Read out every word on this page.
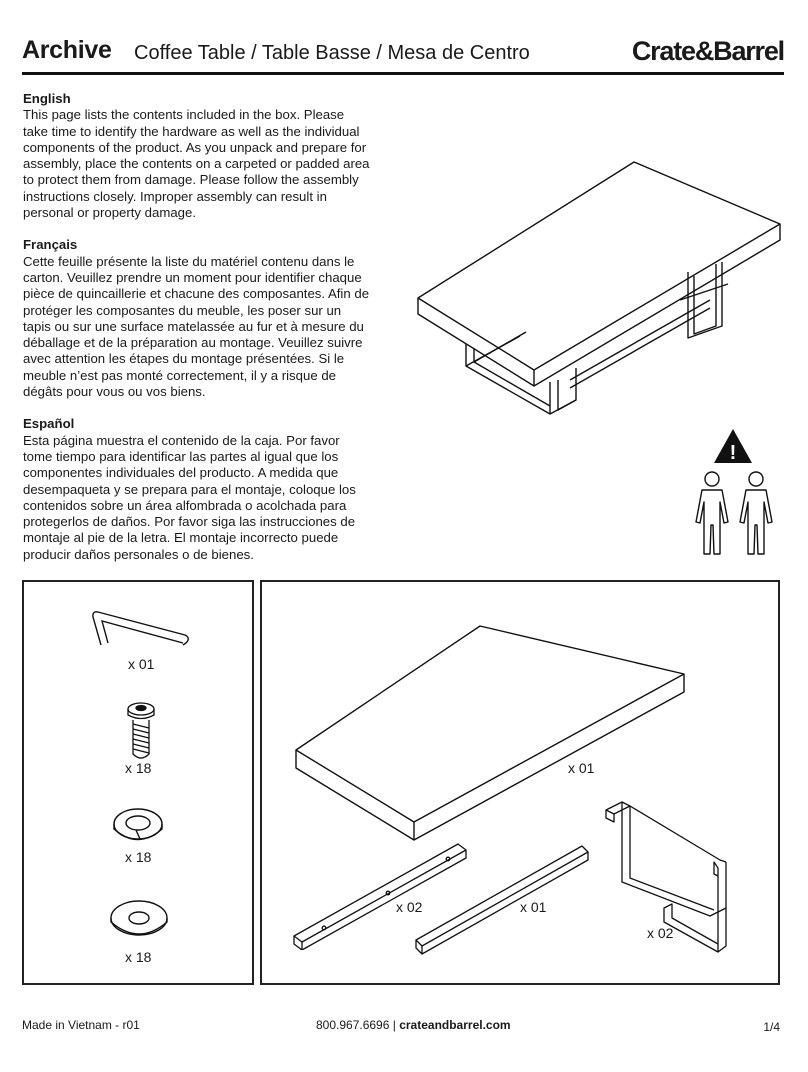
Archive Coffee Table / Table Basse / Mesa de Centro	Crate&Barrel
English
This page lists the contents included in the box. Please
take time to identify the hardware as well as the individual
components of the product. As you unpack and prepare for
assembly, place the contents on a carpeted or padded area
to protect them from damage. Please follow the assembly
instructions closely. Improper assembly can result in
personal or property damage.
Français
Cette feuille présente la liste du matériel contenu dans le
carton. Veuillez prendre un moment pour identifier chaque
pièce de quincaillerie et chacune des composantes. Afin de
protéger les composantes du meuble, les poser sur un
tapis ou sur une surface matelassée au fur et à mesure du
déballage et de la préparation au montage. Veuillez suivre
avec attention les étapes du montage présentées. Si le
meuble n’est pas monté correctement, il y a risque de
dégâts pour vous ou vos biens.
Español
Esta página muestra el contenido de la caja. Por favor
tome tiempo para identificar las partes al igual que los
componentes individuales del producto. A medida que
desempaqueta y se prepara para el montaje, coloque los
contenidos sobre un área alfombrada o acolchada para
protegerlos de daños. Por favor siga las instrucciones de
montaje al pie de la letra. El montaje incorrecto puede
producir daños personales o de bienes.
!
x 01
x 18
x 18
x 18
x 01
x 02	x 01
x 02
Made in Vietnam - r01	800.967.6696 | crateandbarrel.com	1/4
